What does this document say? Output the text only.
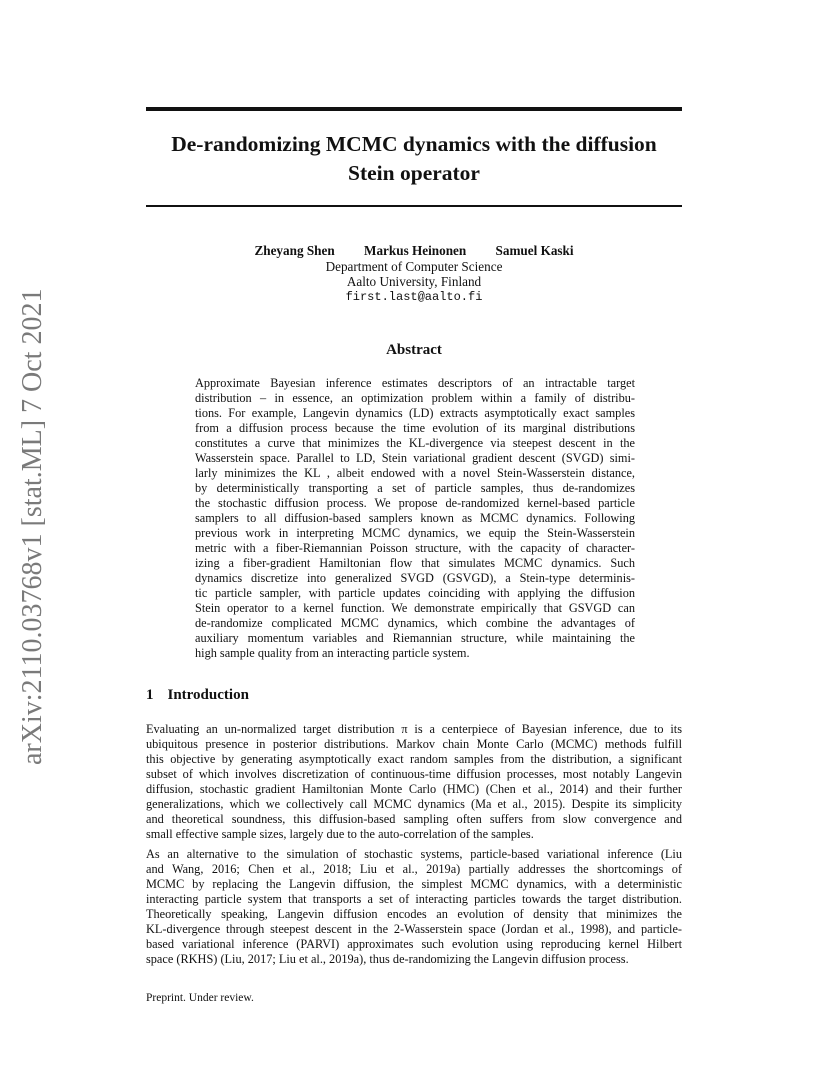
arXiv:2110.03768v1 [stat.ML] 7 Oct 2021
De-randomizing MCMC dynamics with the diffusion
Stein operator
Zheyang Shen Markus Heinonen Samuel Kaski
Department of Computer Science
Aalto University, Finland
first.last@aalto.fi
Abstract
Approximate Bayesian inference estimates descriptors of an intractable target
distribution – in essence, an optimization problem within a family of distribu-
tions. For example, Langevin dynamics (LD) extracts asymptotically exact samples
from a diffusion process because the time evolution of its marginal distributions
constitutes a curve that minimizes the KL-divergence via steepest descent in the
Wasserstein space. Parallel to LD, Stein variational gradient descent (SVGD) simi-
larly minimizes the KL , albeit endowed with a novel Stein-Wasserstein distance,
by deterministically transporting a set of particle samples, thus de-randomizes
the stochastic diffusion process. We propose de-randomized kernel-based particle
samplers to all diffusion-based samplers known as MCMC dynamics. Following
previous work in interpreting MCMC dynamics, we equip the Stein-Wasserstein
metric with a fiber-Riemannian Poisson structure, with the capacity of character-
izing a fiber-gradient Hamiltonian flow that simulates MCMC dynamics. Such
dynamics discretize into generalized SVGD (GSVGD), a Stein-type determinis-
tic particle sampler, with particle updates coinciding with applying the diffusion
Stein operator to a kernel function. We demonstrate empirically that GSVGD can
de-randomize complicated MCMC dynamics, which combine the advantages of
auxiliary momentum variables and Riemannian structure, while maintaining the
high sample quality from an interacting particle system.
1 Introduction
Evaluating an un-normalized target distribution π is a centerpiece of Bayesian inference, due to its
ubiquitous presence in posterior distributions. Markov chain Monte Carlo (MCMC) methods fulfill
this objective by generating asymptotically exact random samples from the distribution, a significant
subset of which involves discretization of continuous-time diffusion processes, most notably Langevin
diffusion, stochastic gradient Hamiltonian Monte Carlo (HMC) (Chen et al., 2014) and their further
generalizations, which we collectively call MCMC dynamics (Ma et al., 2015). Despite its simplicity
and theoretical soundness, this diffusion-based sampling often suffers from slow convergence and
small effective sample sizes, largely due to the auto-correlation of the samples.
As an alternative to the simulation of stochastic systems, particle-based variational inference (Liu
and Wang, 2016; Chen et al., 2018; Liu et al., 2019a) partially addresses the shortcomings of
MCMC by replacing the Langevin diffusion, the simplest MCMC dynamics, with a deterministic
interacting particle system that transports a set of interacting particles towards the target distribution.
Theoretically speaking, Langevin diffusion encodes an evolution of density that minimizes the
KL-divergence through steepest descent in the 2-Wasserstein space (Jordan et al., 1998), and particle-
based variational inference (PARVI) approximates such evolution using reproducing kernel Hilbert
space (RKHS) (Liu, 2017; Liu et al., 2019a), thus de-randomizing the Langevin diffusion process.
Preprint. Under review.
